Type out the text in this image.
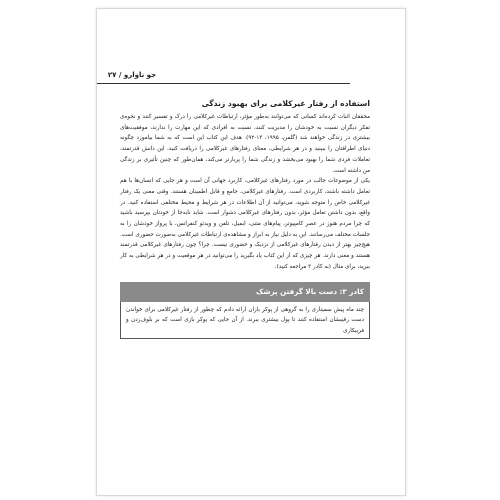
جو ناوارو / ۲۷
استفاده از رفتار غیرکلامی برای بهبود زندگی

محققان اثبات کرده‌اند کسانی که می‌توانند به‌طور مؤثر، ارتباطات غیرکلامی را درک و تفسیر کنند و نحوه‌ی تفکر دیگران نسبت به خودشان را مدیریت کنند، نسبت به افرادی که این مهارت را ندارند، موفقیت‌های بیشتری در زندگی خواهند شد (گلمن، ۱۹۹۵، ۱۳-۹۲). هدف این کتاب این است که به شما بیاموزد چگونه دنیای اطرافتان را ببینید و در هر شرایطی، معنای رفتارهای غیرکلامی را دریافت کنید. این دانش قدرتمند، تعاملات فردی شما را بهبود می‌بخشد و زندگی شما را پربارتر می‌کند، همان‌طور که چنین تأثیری بر زندگی من داشته است.

یکی از موضوعات جالب در مورد رفتارهای غیرکلامی، کاربرد جهانی آن است و هر جایی که انسان‌ها با هم تعامل داشته باشند، کاربردی است. رفتارهای غیرکلامی، جامع و قابل اطمینان هستند. وقتی معنی یک رفتار غیرکلامی خاص را متوجه شوید، می‌توانید از آن اطلاعات در هر شرایط و محیط مختلفی استفاده کنید. در واقع، بدون داشتن تعامل مؤثر، بدون رفتارهای غیرکلامی دشوار است. شاید نابه‌جا از خودتان بپرسید باشید که چرا مردم هنوز در عصر کامپیوتر، پیام‌های متنی، ایمیل، تلفن و ویدئو کنفرانس، با پرواز خودشان را به جلسات مختلف می‌رسانند. این به دلیل نیاز به ابراز و مشاهده‌ی ارتباطات غیرکلامی به‌صورت حضوری است. هیچ‌چیز بهتر از دیدن رفتارهای غیرکلامی از نزدیک و حضوری نیست. چرا؟ چون رفتارهای غیرکلامی قدرتمند هستند و معنی دارند. هر چیزی که از این کتاب یاد بگیرید را می‌توانید در هر موقعیت و در هر شرایطی به کار ببرید، برای مثال (به کادر ۳ مراجعه کنید).

کادر ۳: دست بالا گرفتن پزشک

چند ماه پیش سمیناری را به گروهی از پوکر بازان ارائه دادم که چطور از رفتار غیرکلامی برای خواندن دست رقیبشان استفاده کنند تا پول بیشتری ببرند. از آن جایی که پوکر بازی است که بر بلوف‌زدن و فریبکاری
